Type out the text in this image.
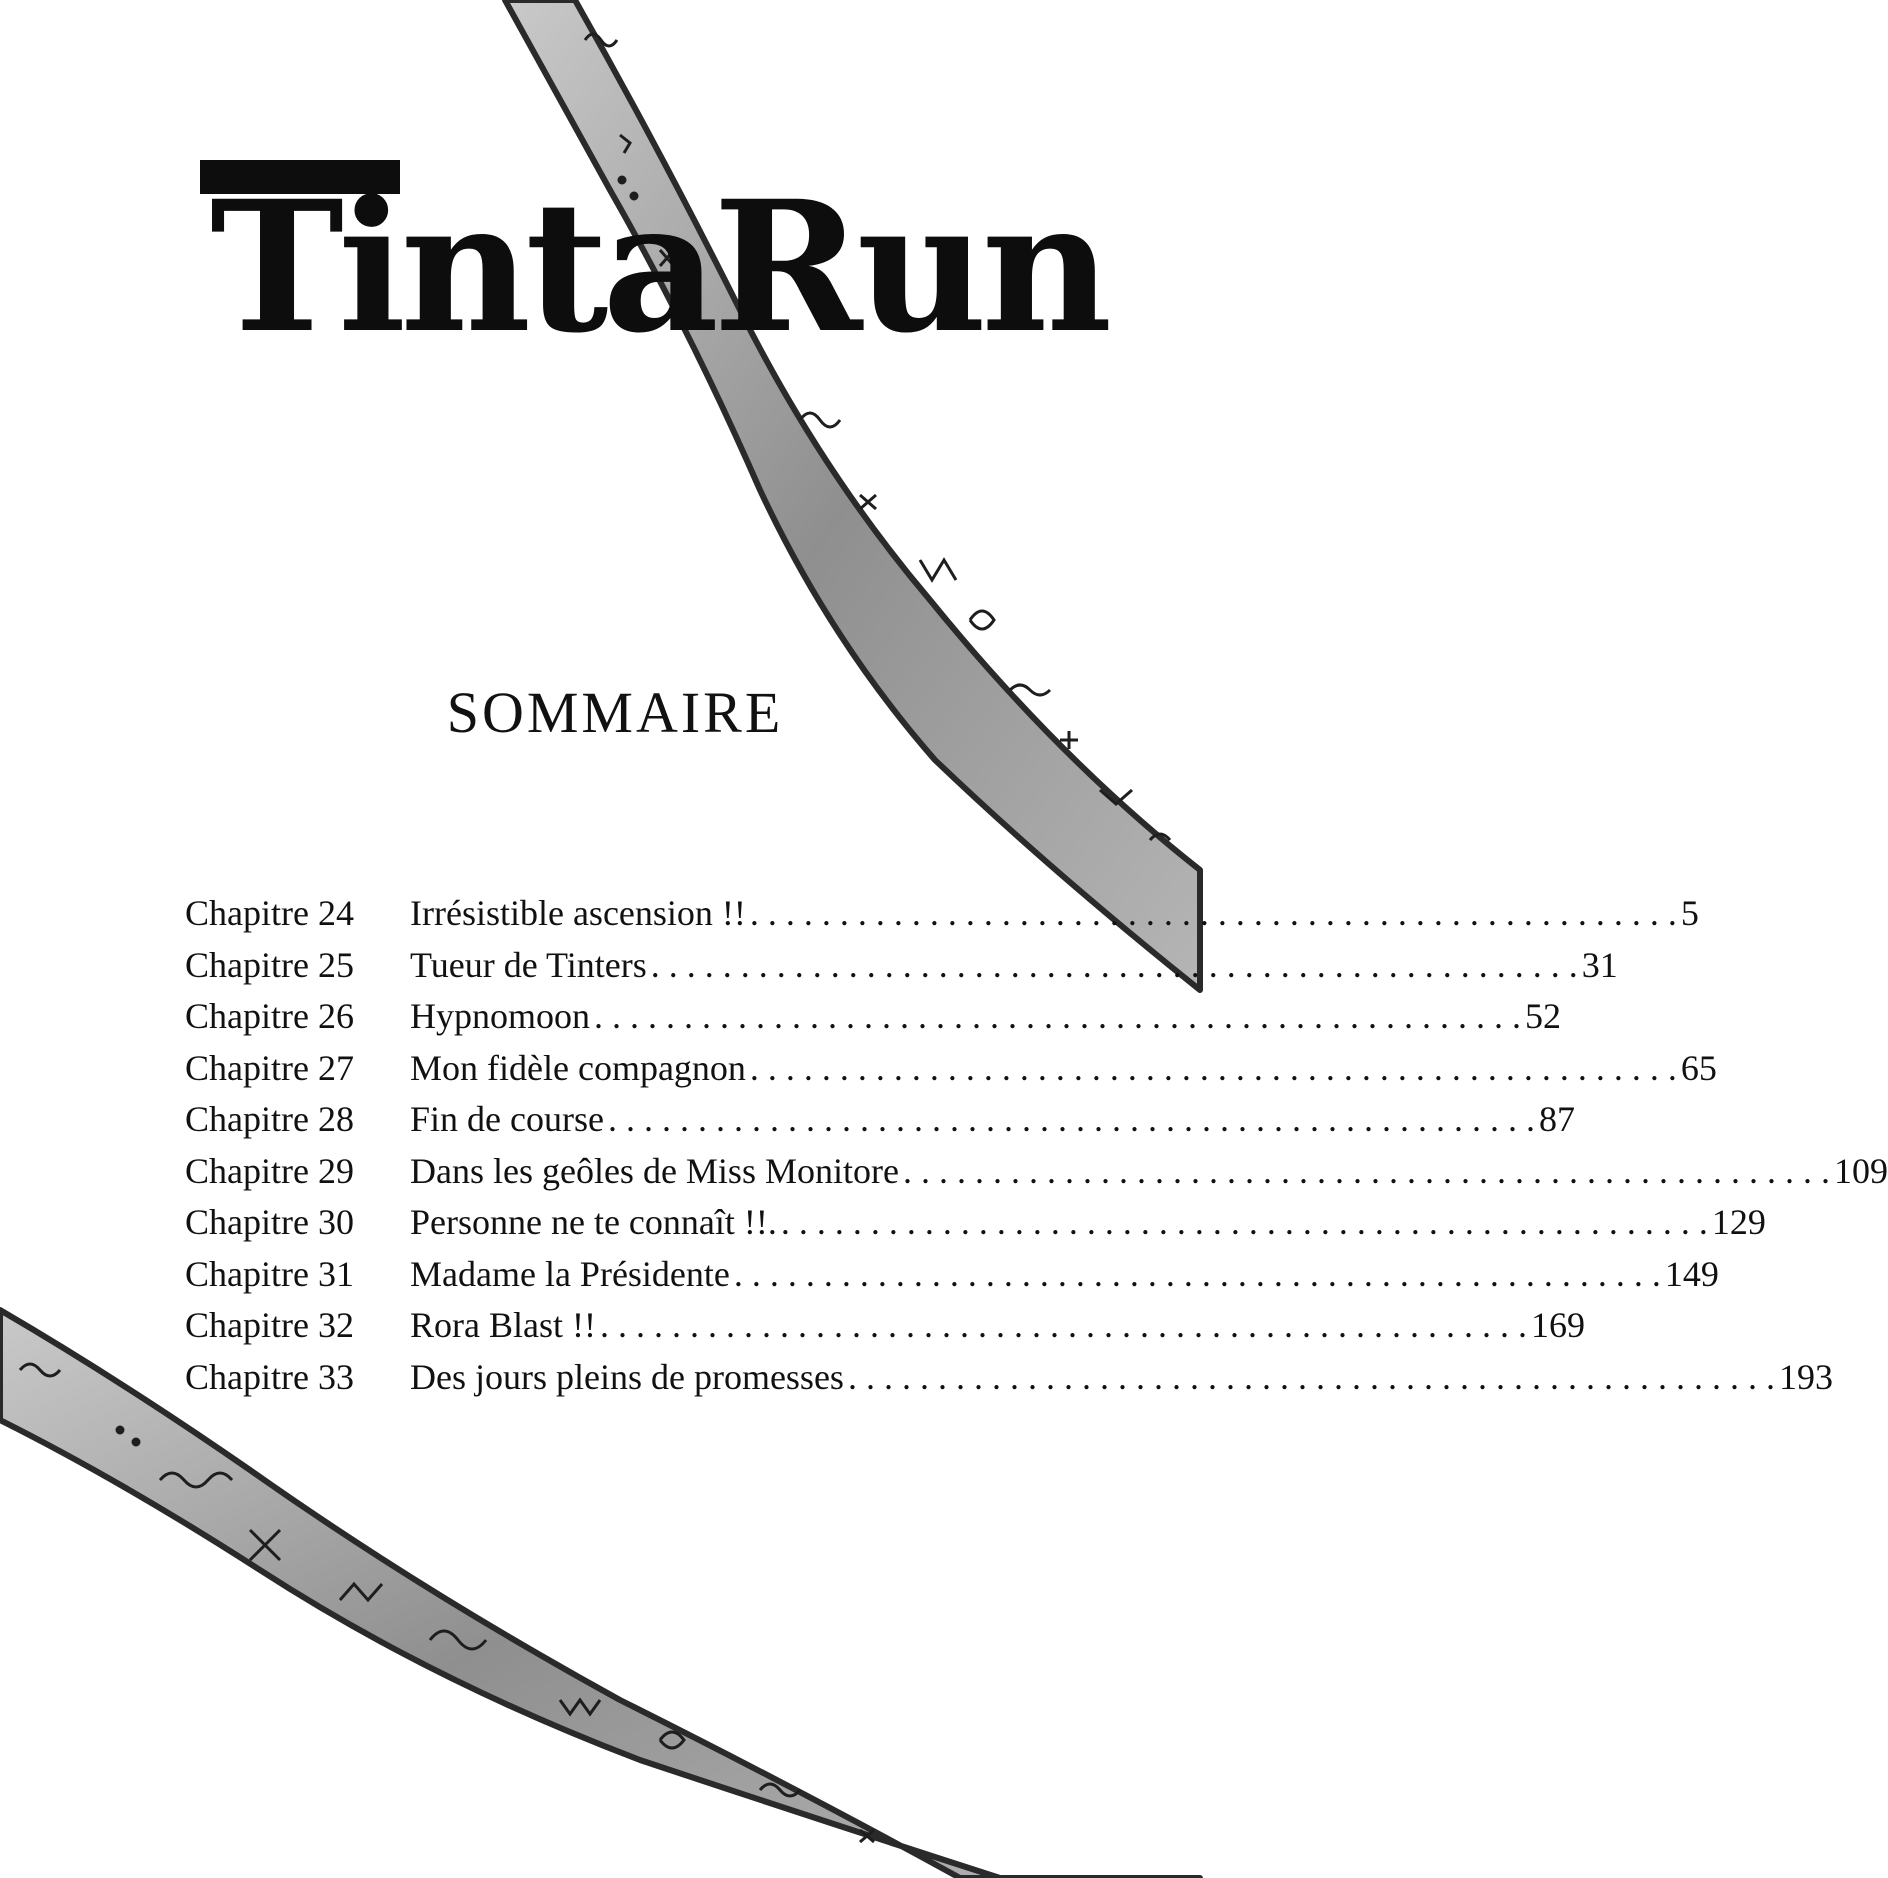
TintaRun
SOMMAIRE
Chapitre 24	Irrésistible ascension !! . . .	5
Chapitre 25	Tueur de Tinters . . .	31
Chapitre 26	Hypnomoon . . .	52
Chapitre 27	Mon fidèle compagnon . . .	65
Chapitre 28	Fin de course . . .	87
Chapitre 29	Dans les geôles de Miss Monitore . . .	109
Chapitre 30	Personne ne te connaît !!. . . .	129
Chapitre 31	Madame la Présidente . . .	149
Chapitre 32	Rora Blast !! . . .	169
Chapitre 33	Des jours pleins de promesses . . .	193
